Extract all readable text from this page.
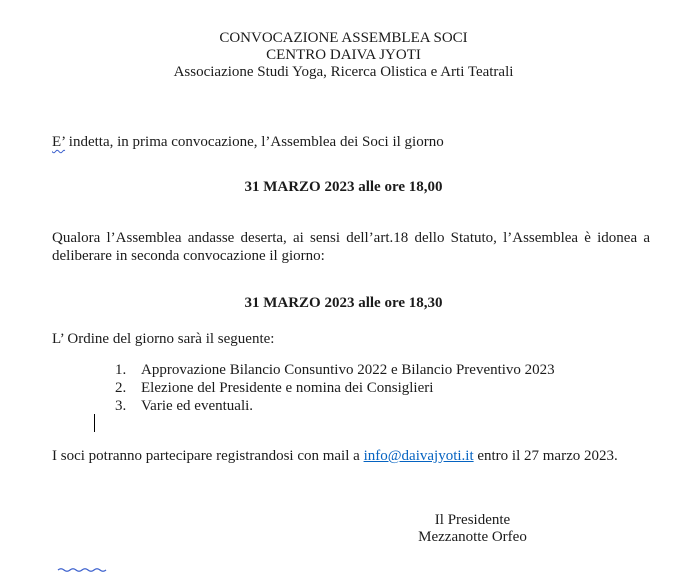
CONVOCAZIONE ASSEMBLEA SOCI
CENTRO DAIVA JYOTI
Associazione Studi Yoga, Ricerca Olistica e Arti Teatrali

E’ indetta, in prima convocazione, l’Assemblea dei Soci il giorno

31 MARZO 2023 alle ore 18,00

Qualora l’Assemblea andasse deserta, ai sensi dell’art.18 dello Statuto, l’Assemblea è idonea a deliberare in seconda convocazione il giorno:

31 MARZO 2023 alle ore 18,30

L’ Ordine del giorno sarà il seguente:

1. Approvazione Bilancio Consuntivo 2022 e Bilancio Preventivo 2023
2. Elezione del Presidente e nomina dei Consiglieri
3. Varie ed eventuali.

I soci potranno partecipare registrandosi con mail a info@daivajyoti.it entro il 27 marzo 2023.

Il Presidente
Mezzanotte Orfeo
